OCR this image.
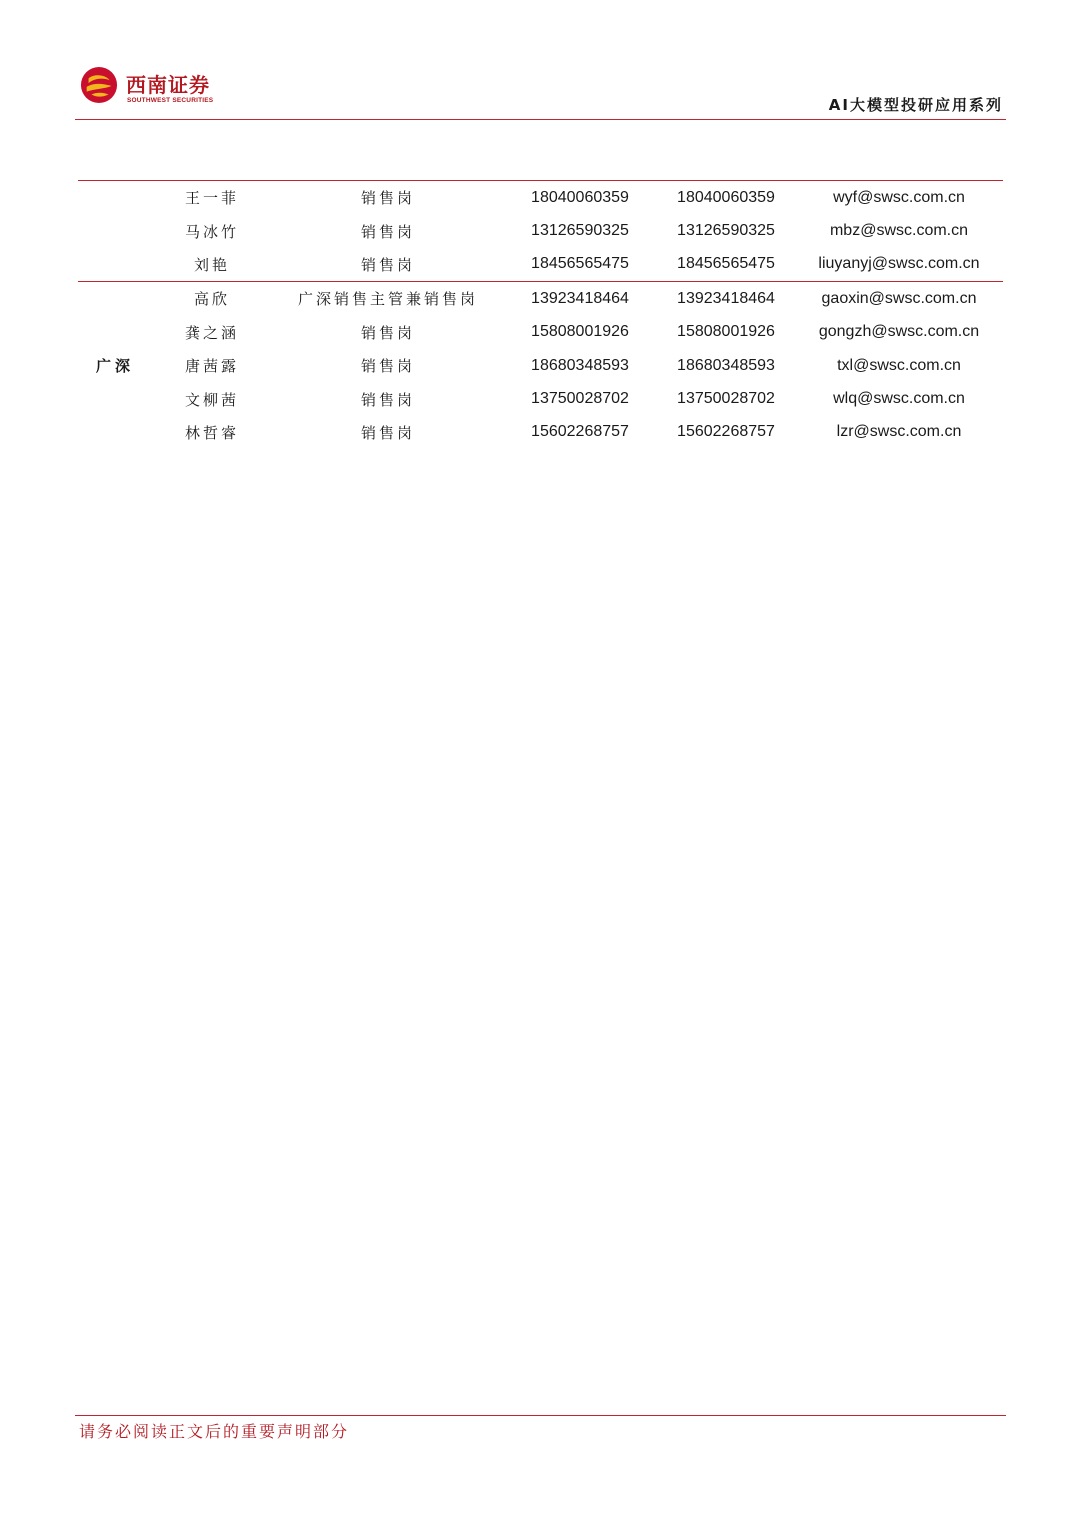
西南证券
SOUTHWEST SECURITIES	AI大模型投研应用系列
王一菲	销售岗	18040060359	18040060359	wyf@swsc.com.cn
马冰竹	销售岗	13126590325	13126590325	mbz@swsc.com.cn
刘艳	销售岗	18456565475	18456565475	liuyanyj@swsc.com.cn
广深
高欣	广深销售主管兼销售岗	13923418464	13923418464	gaoxin@swsc.com.cn
龚之涵	销售岗	15808001926	15808001926	gongzh@swsc.com.cn
唐茜露	销售岗	18680348593	18680348593	txl@swsc.com.cn
文柳茜	销售岗	13750028702	13750028702	wlq@swsc.com.cn
林哲睿	销售岗	15602268757	15602268757	lzr@swsc.com.cn
请务必阅读正文后的重要声明部分
